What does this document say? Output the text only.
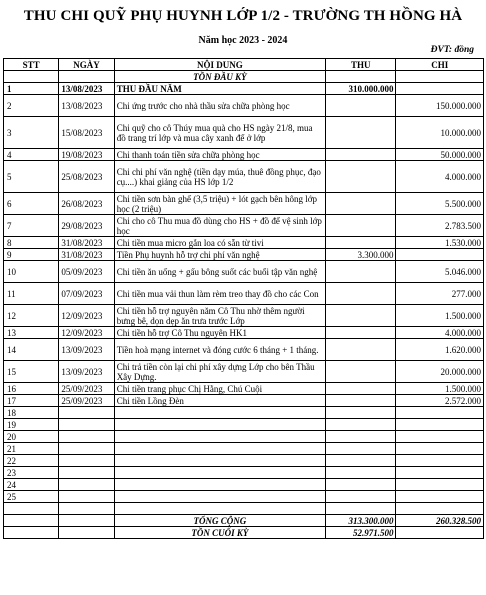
THU CHI QUỸ PHỤ HUYNH LỚP 1/2 - TRƯỜNG TH HỒNG HÀ
Năm học 2023 - 2024
ĐVT: đồng
STT	NGÀY	NỘI DUNG	THU	CHI
		TỒN ĐẦU KỲ		
1	13/08/2023	THU ĐẦU NĂM	310.000.000	
2	13/08/2023	Chi ứng trước cho nhà thầu sửa chữa phòng học		150.000.000
3	15/08/2023	Chi quỹ cho cô Thúy mua quà cho HS ngày 21/8, mua đồ trang trí lớp và mua cây xanh để ở lớp		10.000.000
4	19/08/2023	Chi thanh toán tiền sửa chữa phòng học		50.000.000
5	25/08/2023	Chi chi phí văn nghệ (tiền dạy múa, thuê đồng phục, đạo cụ....) khai giảng của HS lớp 1/2		4.000.000
6	26/08/2023	Chi tiền sơn bàn ghế (3,5 triệu) + lót gạch bên hông lớp học (2 triệu)		5.500.000
7	29/08/2023	Chi cho cô Thu mua đồ dùng cho HS + đồ để vệ sinh lớp học		2.783.500
8	31/08/2023	Chi tiền mua micro gắn loa có sẵn từ tivi		1.530.000
9	31/08/2023	Tiền Phụ huynh hỗ trợ chi phí văn nghệ	3.300.000	
10	05/09/2023	Chi tiền ăn uống + gấu bông suốt các buổi tập văn nghệ		5.046.000
11	07/09/2023	Chi tiền mua vải thun làm rèm treo thay đồ cho các Con		277.000
12	12/09/2023	Chi tiền hỗ trợ nguyên năm Cô Thu nhờ thêm người bưng bê, dọn dẹp ăn trưa trước Lớp		1.500.000
13	12/09/2023	Chi tiền hỗ trợ Cô Thu nguyên HK1		4.000.000
14	13/09/2023	Tiền hoà mạng internet và đóng cước 6 tháng + 1 tháng.		1.620.000
15	13/09/2023	Chi trả tiền còn lại chi phí xây dựng Lớp cho bên Thầu Xây Dựng.		20.000.000
16	25/09/2023	Chi tiền trang phục Chị Hằng, Chú Cuội		1.500.000
17	25/09/2023	Chi tiền Lồng Đèn		2.572.000
18				
19				
20				
21				
22				
23				
24				
25				

		TỔNG CỘNG	313.300.000	260.328.500
		TỒN CUỐI KỲ	52.971.500	
